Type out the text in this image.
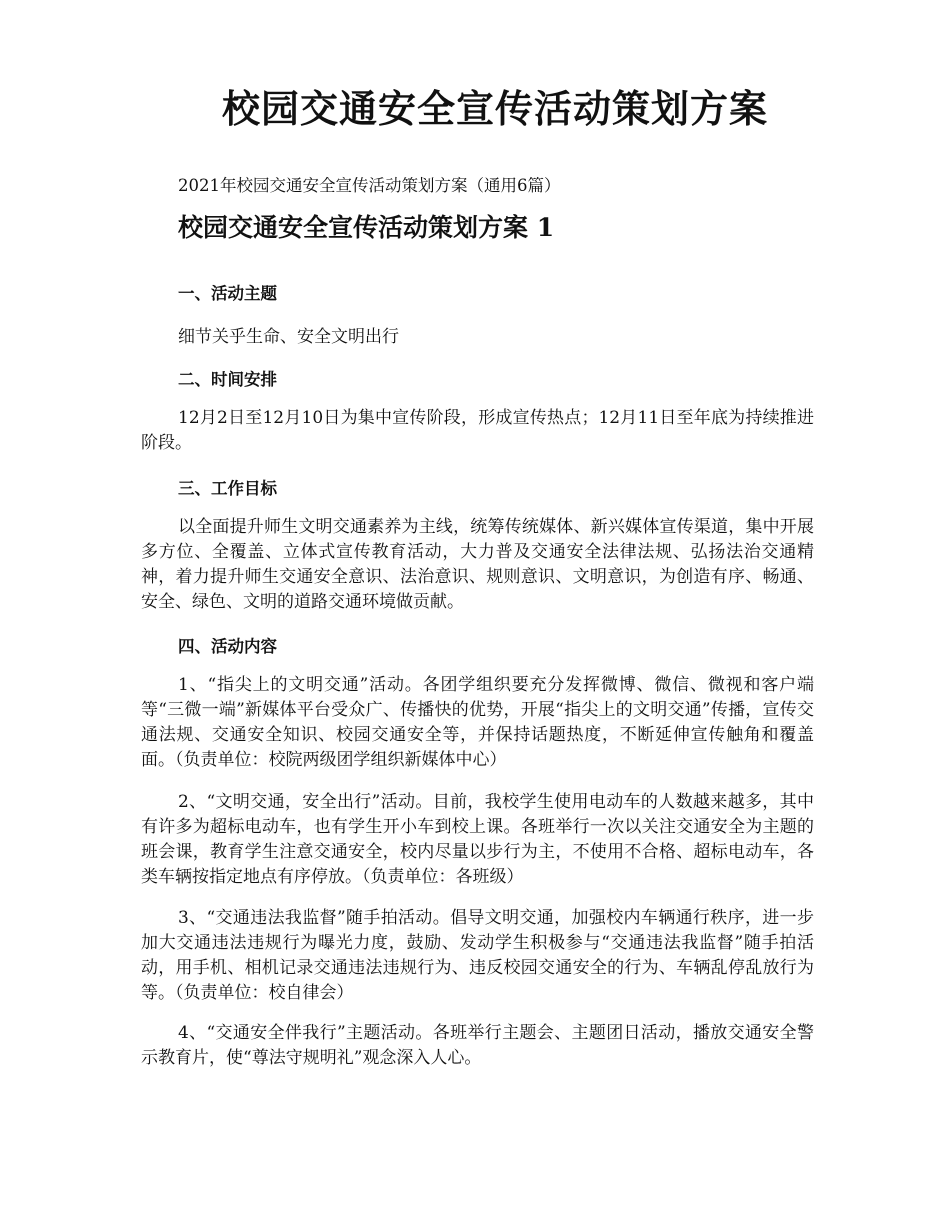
校园交通安全宣传活动策划方案

2021年校园交通安全宣传活动策划方案（通用6篇）

校园交通安全宣传活动策划方案 1
一、活动主题

细节关乎生命、安全文明出行

二、时间安排

12月2日至12月10日为集中宣传阶段，形成宣传热点；12月11日至年底为持续推进阶段。

三、工作目标

以全面提升师生文明交通素养为主线，统筹传统媒体、新兴媒体宣传渠道，集中开展多方位、全覆盖、立体式宣传教育活动，大力普及交通安全法律法规、弘扬法治交通精神，着力提升师生交通安全意识、法治意识、规则意识、文明意识，为创造有序、畅通、安全、绿色、文明的道路交通环境做贡献。

四、活动内容

1、“指尖上的文明交通”活动。各团学组织要充分发挥微博、微信、微视和客户端等“三微一端”新媒体平台受众广、传播快的优势，开展“指尖上的文明交通”传播，宣传交通法规、交通安全知识、校园交通安全等，并保持话题热度，不断延伸宣传触角和覆盖面。（负责单位：校院两级团学组织新媒体中心）

2、“文明交通，安全出行”活动。目前，我校学生使用电动车的人数越来越多，其中有许多为超标电动车，也有学生开小车到校上课。各班举行一次以关注交通安全为主题的班会课，教育学生注意交通安全，校内尽量以步行为主，不使用不合格、超标电动车，各类车辆按指定地点有序停放。（负责单位：各班级）

3、“交通违法我监督”随手拍活动。倡导文明交通，加强校内车辆通行秩序，进一步加大交通违法违规行为曝光力度，鼓励、发动学生积极参与“交通违法我监督”随手拍活动，用手机、相机记录交通违法违规行为、违反校园交通安全的行为、车辆乱停乱放行为等。（负责单位：校自律会）

4、“交通安全伴我行”主题活动。各班举行主题会、主题团日活动，播放交通安全警示教育片，使“尊法守规明礼”观念深入人心。
